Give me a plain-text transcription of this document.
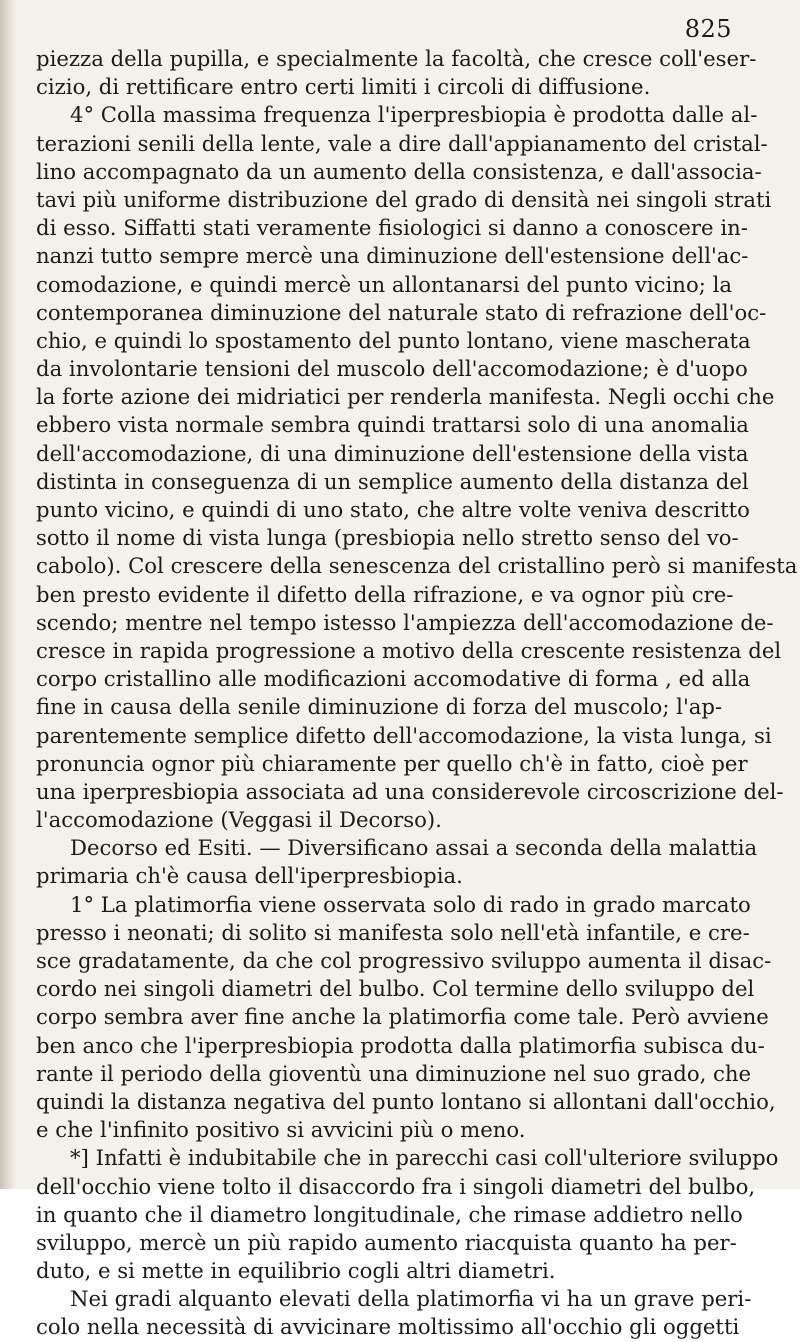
825
piezza della pupilla, e specialmente la facoltà, che cresce coll'eser-
cizio, di rettificare entro certi limiti i circoli di diffusione.
4° Colla massima frequenza l'iperpresbiopia è prodotta dalle al-
terazioni senili della lente, vale a dire dall'appianamento del cristal-
lino accompagnato da un aumento della consistenza, e dall'associa-
tavi più uniforme distribuzione del grado di densità nei singoli strati
di esso. Siffatti stati veramente fisiologici si danno a conoscere in-
nanzi tutto sempre mercè una diminuzione dell'estensione dell'ac-
comodazione, e quindi mercè un allontanarsi del punto vicino; la
contemporanea diminuzione del naturale stato di refrazione dell'oc-
chio, e quindi lo spostamento del punto lontano, viene mascherata
da involontarie tensioni del muscolo dell'accomodazione; è d'uopo
la forte azione dei midriatici per renderla manifesta. Negli occhi che
ebbero vista normale sembra quindi trattarsi solo di una anomalia
dell'accomodazione, di una diminuzione dell'estensione della vista
distinta in conseguenza di un semplice aumento della distanza del
punto vicino, e quindi di uno stato, che altre volte veniva descritto
sotto il nome di vista lunga (presbiopia nello stretto senso del vo-
cabolo). Col crescere della senescenza del cristallino però si manifesta
ben presto evidente il difetto della rifrazione, e va ognor più cre-
scendo; mentre nel tempo istesso l'ampiezza dell'accomodazione de-
cresce in rapida progressione a motivo della crescente resistenza del
corpo cristallino alle modificazioni accomodative di forma , ed alla
fine in causa della senile diminuzione di forza del muscolo; l'ap-
parentemente semplice difetto dell'accomodazione, la vista lunga, si
pronuncia ognor più chiaramente per quello ch'è in fatto, cioè per
una iperpresbiopia associata ad una considerevole circoscrizione del-
l'accomodazione (Veggasi il Decorso).
Decorso ed Esiti. — Diversificano assai a seconda della malattia
primaria ch'è causa dell'iperpresbiopia.
1° La platimorfia viene osservata solo di rado in grado marcato
presso i neonati; di solito si manifesta solo nell'età infantile, e cre-
sce gradatamente, da che col progressivo sviluppo aumenta il disac-
cordo nei singoli diametri del bulbo. Col termine dello sviluppo del
corpo sembra aver fine anche la platimorfia come tale. Però avviene
ben anco che l'iperpresbiopia prodotta dalla platimorfia subisca du-
rante il periodo della gioventù una diminuzione nel suo grado, che
quindi la distanza negativa del punto lontano si allontani dall'occhio,
e che l'infinito positivo si avvicini più o meno.
*] Infatti è indubitabile che in parecchi casi coll'ulteriore sviluppo
dell'occhio viene tolto il disaccordo fra i singoli diametri del bulbo,
in quanto che il diametro longitudinale, che rimase addietro nello
sviluppo, mercè un più rapido aumento riacquista quanto ha per-
duto, e si mette in equilibrio cogli altri diametri.
Nei gradi alquanto elevati della platimorfia vi ha un grave peri-
colo nella necessità di avvicinare moltissimo all'occhio gli oggetti
